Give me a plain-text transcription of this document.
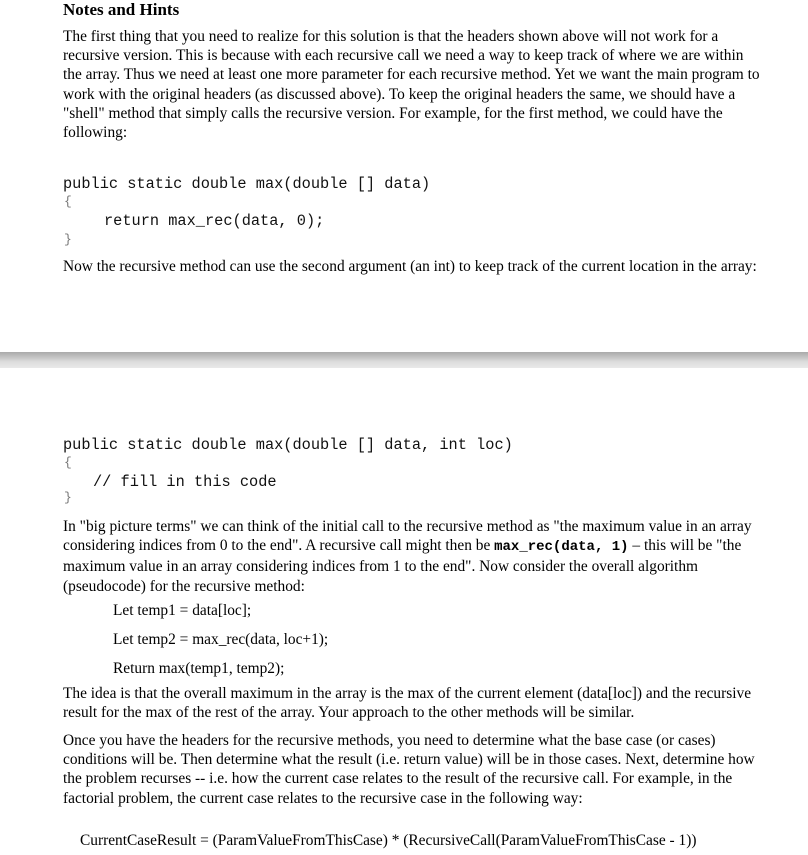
Notes and Hints

The first thing that you need to realize for this solution is that the headers shown above will not work for a recursive version. This is because with each recursive call we need a way to keep track of where we are within the array. Thus we need at least one more parameter for each recursive method. Yet we want the main program to work with the original headers (as discussed above). To keep the original headers the same, we should have a "shell" method that simply calls the recursive version. For example, for the first method, we could have the following:

public static double max(double [] data)
{
return max_rec(data, 0);
}

Now the recursive method can use the second argument (an int) to keep track of the current location in the array:

public static double max(double [] data, int loc)
{
// fill in this code
}

In "big picture terms" we can think of the initial call to the recursive method as "the maximum value in an array considering indices from 0 to the end". A recursive call might then be max_rec(data, 1) – this will be "the maximum value in an array considering indices from 1 to the end". Now consider the overall algorithm (pseudocode) for the recursive method:

Let temp1 = data[loc];
Let temp2 = max_rec(data, loc+1);
Return max(temp1, temp2);

The idea is that the overall maximum in the array is the max of the current element (data[loc]) and the recursive result for the max of the rest of the array. Your approach to the other methods will be similar.

Once you have the headers for the recursive methods, you need to determine what the base case (or cases) conditions will be. Then determine what the result (i.e. return value) will be in those cases. Next, determine how the problem recurses -- i.e. how the current case relates to the result of the recursive call. For example, in the factorial problem, the current case relates to the recursive case in the following way:

CurrentCaseResult = (ParamValueFromThisCase) * (RecursiveCall(ParamValueFromThisCase - 1))
